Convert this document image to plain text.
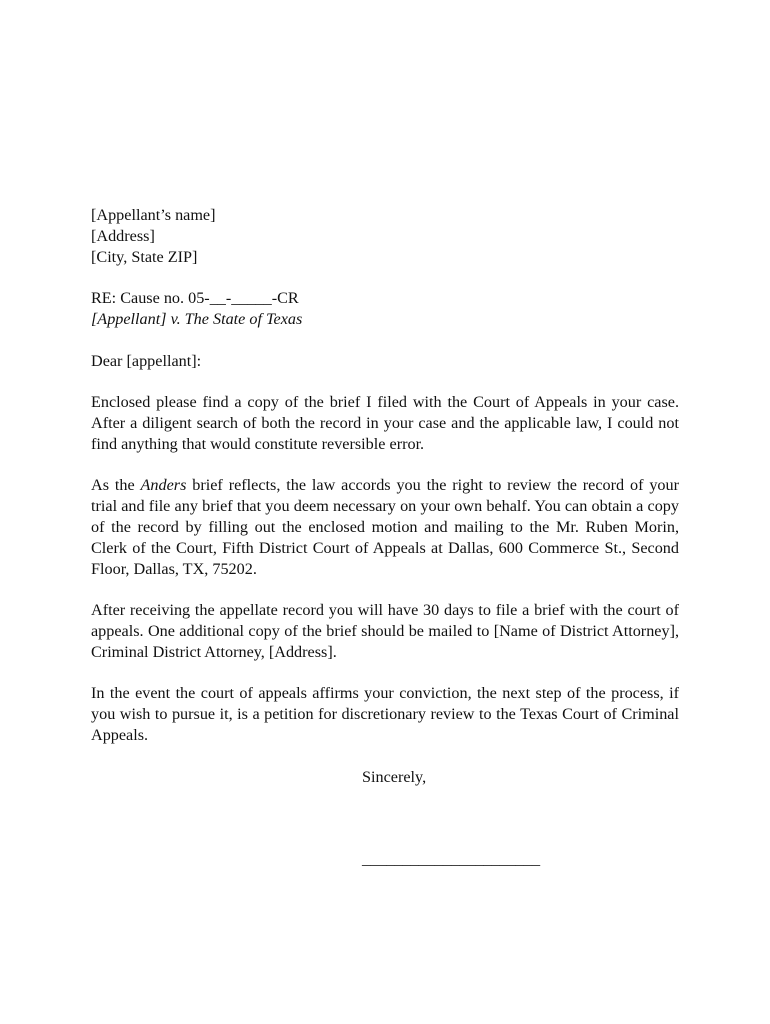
[Appellant’s name]
[Address]
[City, State ZIP]
RE: Cause no. 05-__-_____-CR
[Appellant] v. The State of Texas
Dear [appellant]:

Enclosed please find a copy of the brief I filed with the Court of Appeals in your case. After a diligent search of both the record in your case and the applicable law, I could not find anything that would constitute reversible error.

As the Anders brief reflects, the law accords you the right to review the record of your trial and file any brief that you deem necessary on your own behalf. You can obtain a copy of the record by filling out the enclosed motion and mailing to the Mr. Ruben Morin, Clerk of the Court, Fifth District Court of Appeals at Dallas, 600 Commerce St., Second Floor, Dallas, TX, 75202.

After receiving the appellate record you will have 30 days to file a brief with the court of appeals. One additional copy of the brief should be mailed to [Name of District Attorney], Criminal District Attorney, [Address].

In the event the court of appeals affirms your conviction, the next step of the process, if you wish to pursue it, is a petition for discretionary review to the Texas Court of Criminal Appeals.

Sincerely,
______________________
